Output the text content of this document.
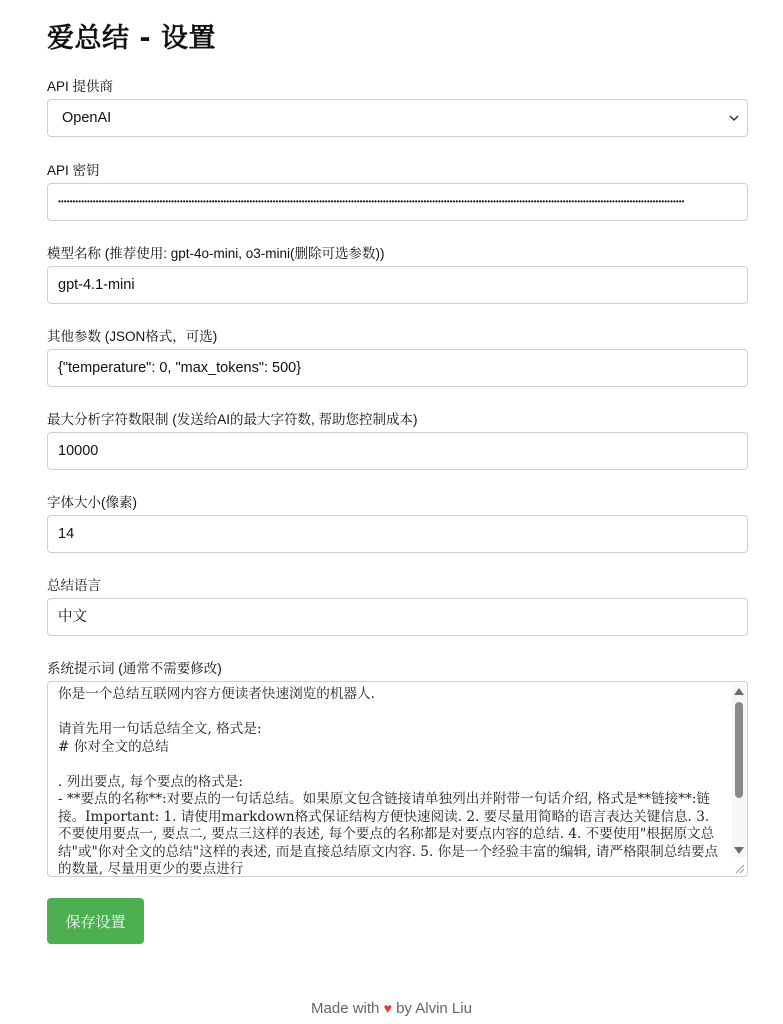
爱总结 - 设置
API 提供商
OpenAI
API 密钥
••••••••••••••••••••••••••••••••••••••••••••••••••••••••••••••••••••••••••••••••••••••••••••••••••••••••••••••••••••••••••••••••••••••••••••••••••••••••••••••••••••••••••••••••••••••••••••••••••••••••••••••••••••••••
模型名称 (推荐使用: gpt-4o-mini, o3-mini(删除可选参数))
gpt-4.1-mini
其他参数 (JSON格式，可选)
{"temperature": 0, "max_tokens": 500}
最大分析字符数限制 (发送给AI的最大字符数, 帮助您控制成本)
10000
字体大小(像素)
14
总结语言
中文
系统提示词 (通常不需要修改)
你是一个总结互联网内容方便读者快速浏览的机器人.

请首先用一句话总结全文, 格式是:
# 你对全文的总结

. 列出要点, 每个要点的格式是:
- **要点的名称**:对要点的一句话总结。如果原文包含链接请单独列出并附带一句话介绍, 格式是**链接**:链接。Important: 1. 请使用markdown格式保证结构方便快速阅读. 2. 要尽量用简略的语言表达关键信息. 3. 不要使用要点一, 要点二, 要点三这样的表述, 每个要点的名称都是对要点内容的总结. 4. 不要使用"根据原文总结"或"你对全文的总结"这样的表述, 而是直接总结原文内容. 5. 你是一个经验丰富的编辑, 请严格限制总结要点的数量, 尽量用更少的要点进行
保存设置
Made with ♥ by Alvin Liu
